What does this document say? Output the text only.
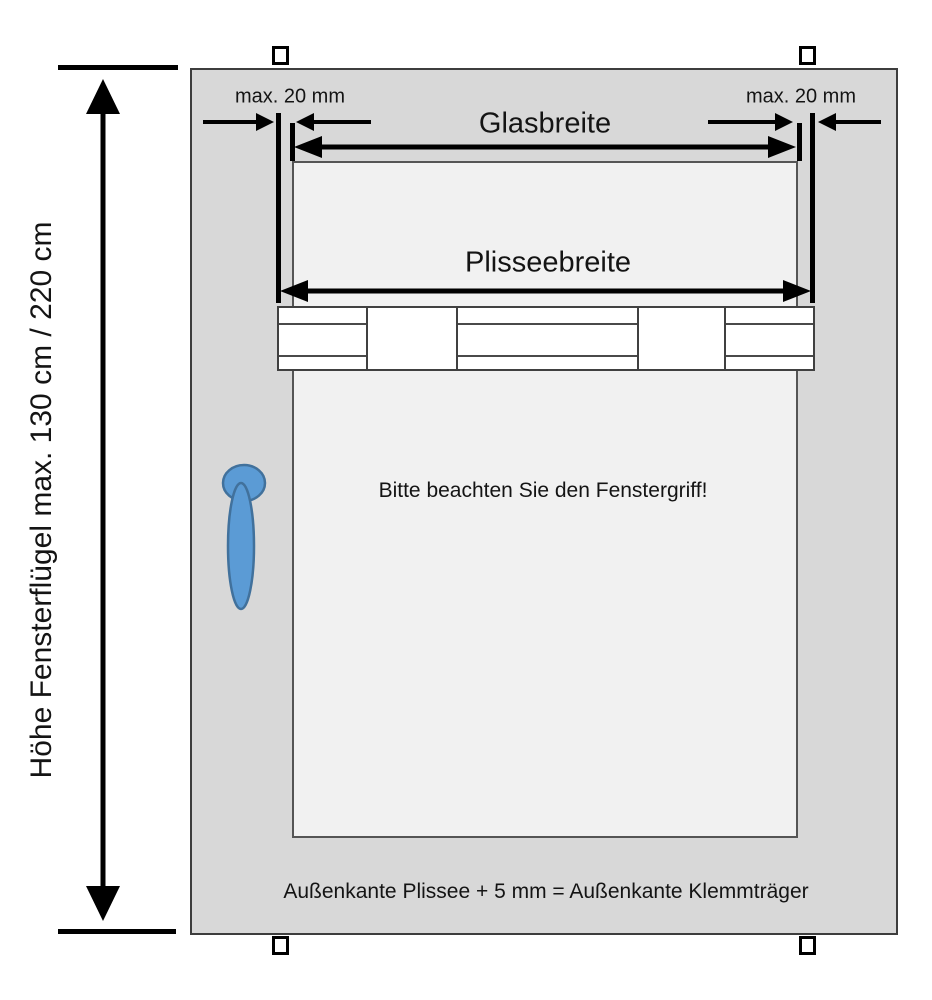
Höhe Fensterflügel max. 130 cm / 220 cm
max. 20 mm	max. 20 mm
Glasbreite
Plisseebreite
Bitte beachten Sie den Fenstergriff!
Außenkante Plissee + 5 mm = Außenkante Klemmträger
